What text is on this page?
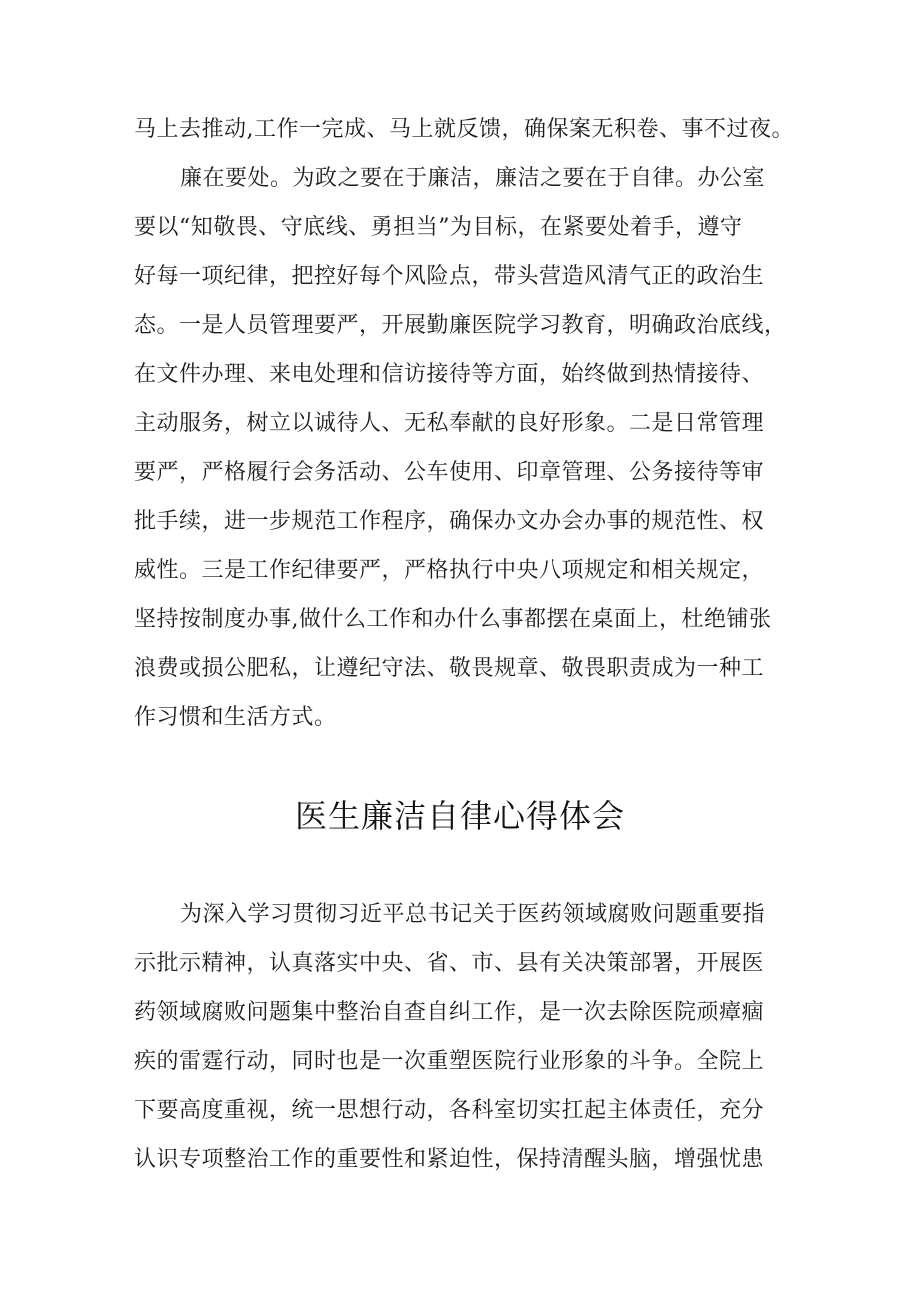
马上去推动,工作一完成、马上就反馈，确保案无积卷、事不过夜。
廉在要处。为政之要在于廉洁，廉洁之要在于自律。办公室
要以“知敬畏、守底线、勇担当”为目标，在紧要处着手，遵守
好每一项纪律，把控好每个风险点，带头营造风清气正的政治生
态。一是人员管理要严，开展勤廉医院学习教育，明确政治底线，
在文件办理、来电处理和信访接待等方面，始终做到热情接待、
主动服务，树立以诚待人、无私奉献的良好形象。二是日常管理
要严，严格履行会务活动、公车使用、印章管理、公务接待等审
批手续，进一步规范工作程序，确保办文办会办事的规范性、权
威性。三是工作纪律要严，严格执行中央八项规定和相关规定，
坚持按制度办事,做什么工作和办什么事都摆在桌面上，杜绝铺张
浪费或损公肥私，让遵纪守法、敬畏规章、敬畏职责成为一种工
作习惯和生活方式。
医生廉洁自律心得体会
为深入学习贯彻习近平总书记关于医药领域腐败问题重要指
示批示精神，认真落实中央、省、市、县有关决策部署，开展医
药领域腐败问题集中整治自查自纠工作，是一次去除医院顽瘴痼
疾的雷霆行动，同时也是一次重塑医院行业形象的斗争。全院上
下要高度重视，统一思想行动，各科室切实扛起主体责任，充分
认识专项整治工作的重要性和紧迫性，保持清醒头脑，增强忧患
